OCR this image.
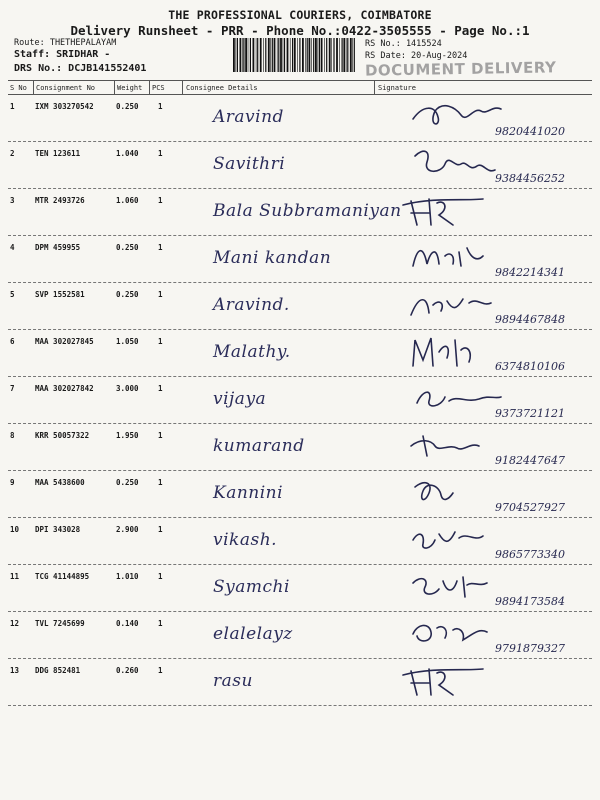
THE PROFESSIONAL COURIERS, COIMBATORE
Delivery Runsheet - PRR - Phone No.:0422-3505555 - Page No.:1
Route: THETHEPALAYAM
Staff: SRIDHAR -
DRS No.: DCJB141552401
RS No.: 1415524
RS Date: 20-Aug-2024
DOCUMENT DELIVERY
S No Consignment No	Weight PCS	Consignee Details	Signature
1	IXM 303270542	0.250	1
Aravind
9820441020
2	TEN 123611	1.040	1
Savithri
9384456252
3	MTR 2493726	1.060	1
Bala Subbramaniyan
4	DPM 459955	0.250	1
Mani kandan
9842214341
5	SVP 1552581	0.250	1
Aravind.
9894467848
6	MAA 302027845	1.050	1
Malathy.
6374810106
7	MAA 302027842	3.000	1
vijaya
9373721121
8	KRR 50057322	1.950	1
kumarand
9182447647
9	MAA 5438600	0.250	1
Kannini
9704527927
10 DPI 343028	2.900	1
vikash.
9865773340
11 TCG 41144895	1.010	1
Syamchi
9894173584
12 TVL 7245699	0.140	1
elalelayz
9791879327
13 DDG 852481	0.260	1
rasu
